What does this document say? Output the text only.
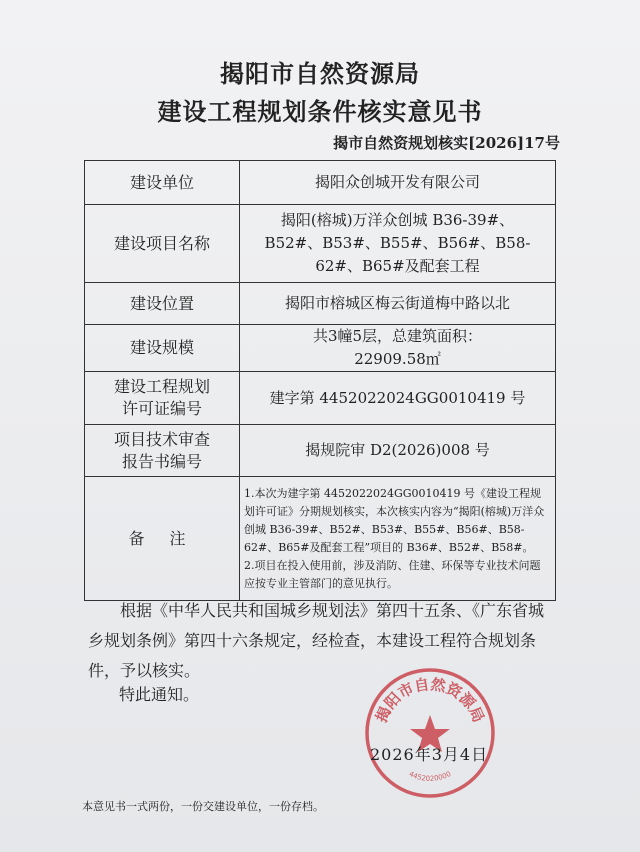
揭阳市自然资源局
建设工程规划条件核实意见书
揭市自然资规划核实[2026]17号
建设单位	揭阳众创城开发有限公司
建设项目名称	揭阳(榕城)万洋众创城 B36-39#、B52#、B53#、B55#、B56#、B58-62#、B65#及配套工程
建设位置	揭阳市榕城区梅云街道梅中路以北
建设规模	共3幢5层，总建筑面积：22909.58㎡
建设工程规划许可证编号	建字第 4452022024GG0010419 号
项目技术审查报告书编号	揭规院审 D2(2026)008 号
备 注	1.本次为建字第 4452022024GG0010419 号《建设工程规划许可证》分期规划核实，本次核实内容为“揭阳(榕城)万洋众创城 B36-39#、B52#、B53#、B55#、B56#、B58-62#、B65#及配套工程”项目的 B36#、B52#、B58#。
2.项目在投入使用前，涉及消防、住建、环保等专业技术问题应按专业主管部门的意见执行。

根据《中华人民共和国城乡规划法》第四十五条、《广东省城乡规划条例》第四十六条规定，经检查，本建设工程符合规划条件，予以核实。

特此通知。
揭阳市自然资源局
4452020000
2026年3月4日
本意见书一式两份，一份交建设单位，一份存档。
